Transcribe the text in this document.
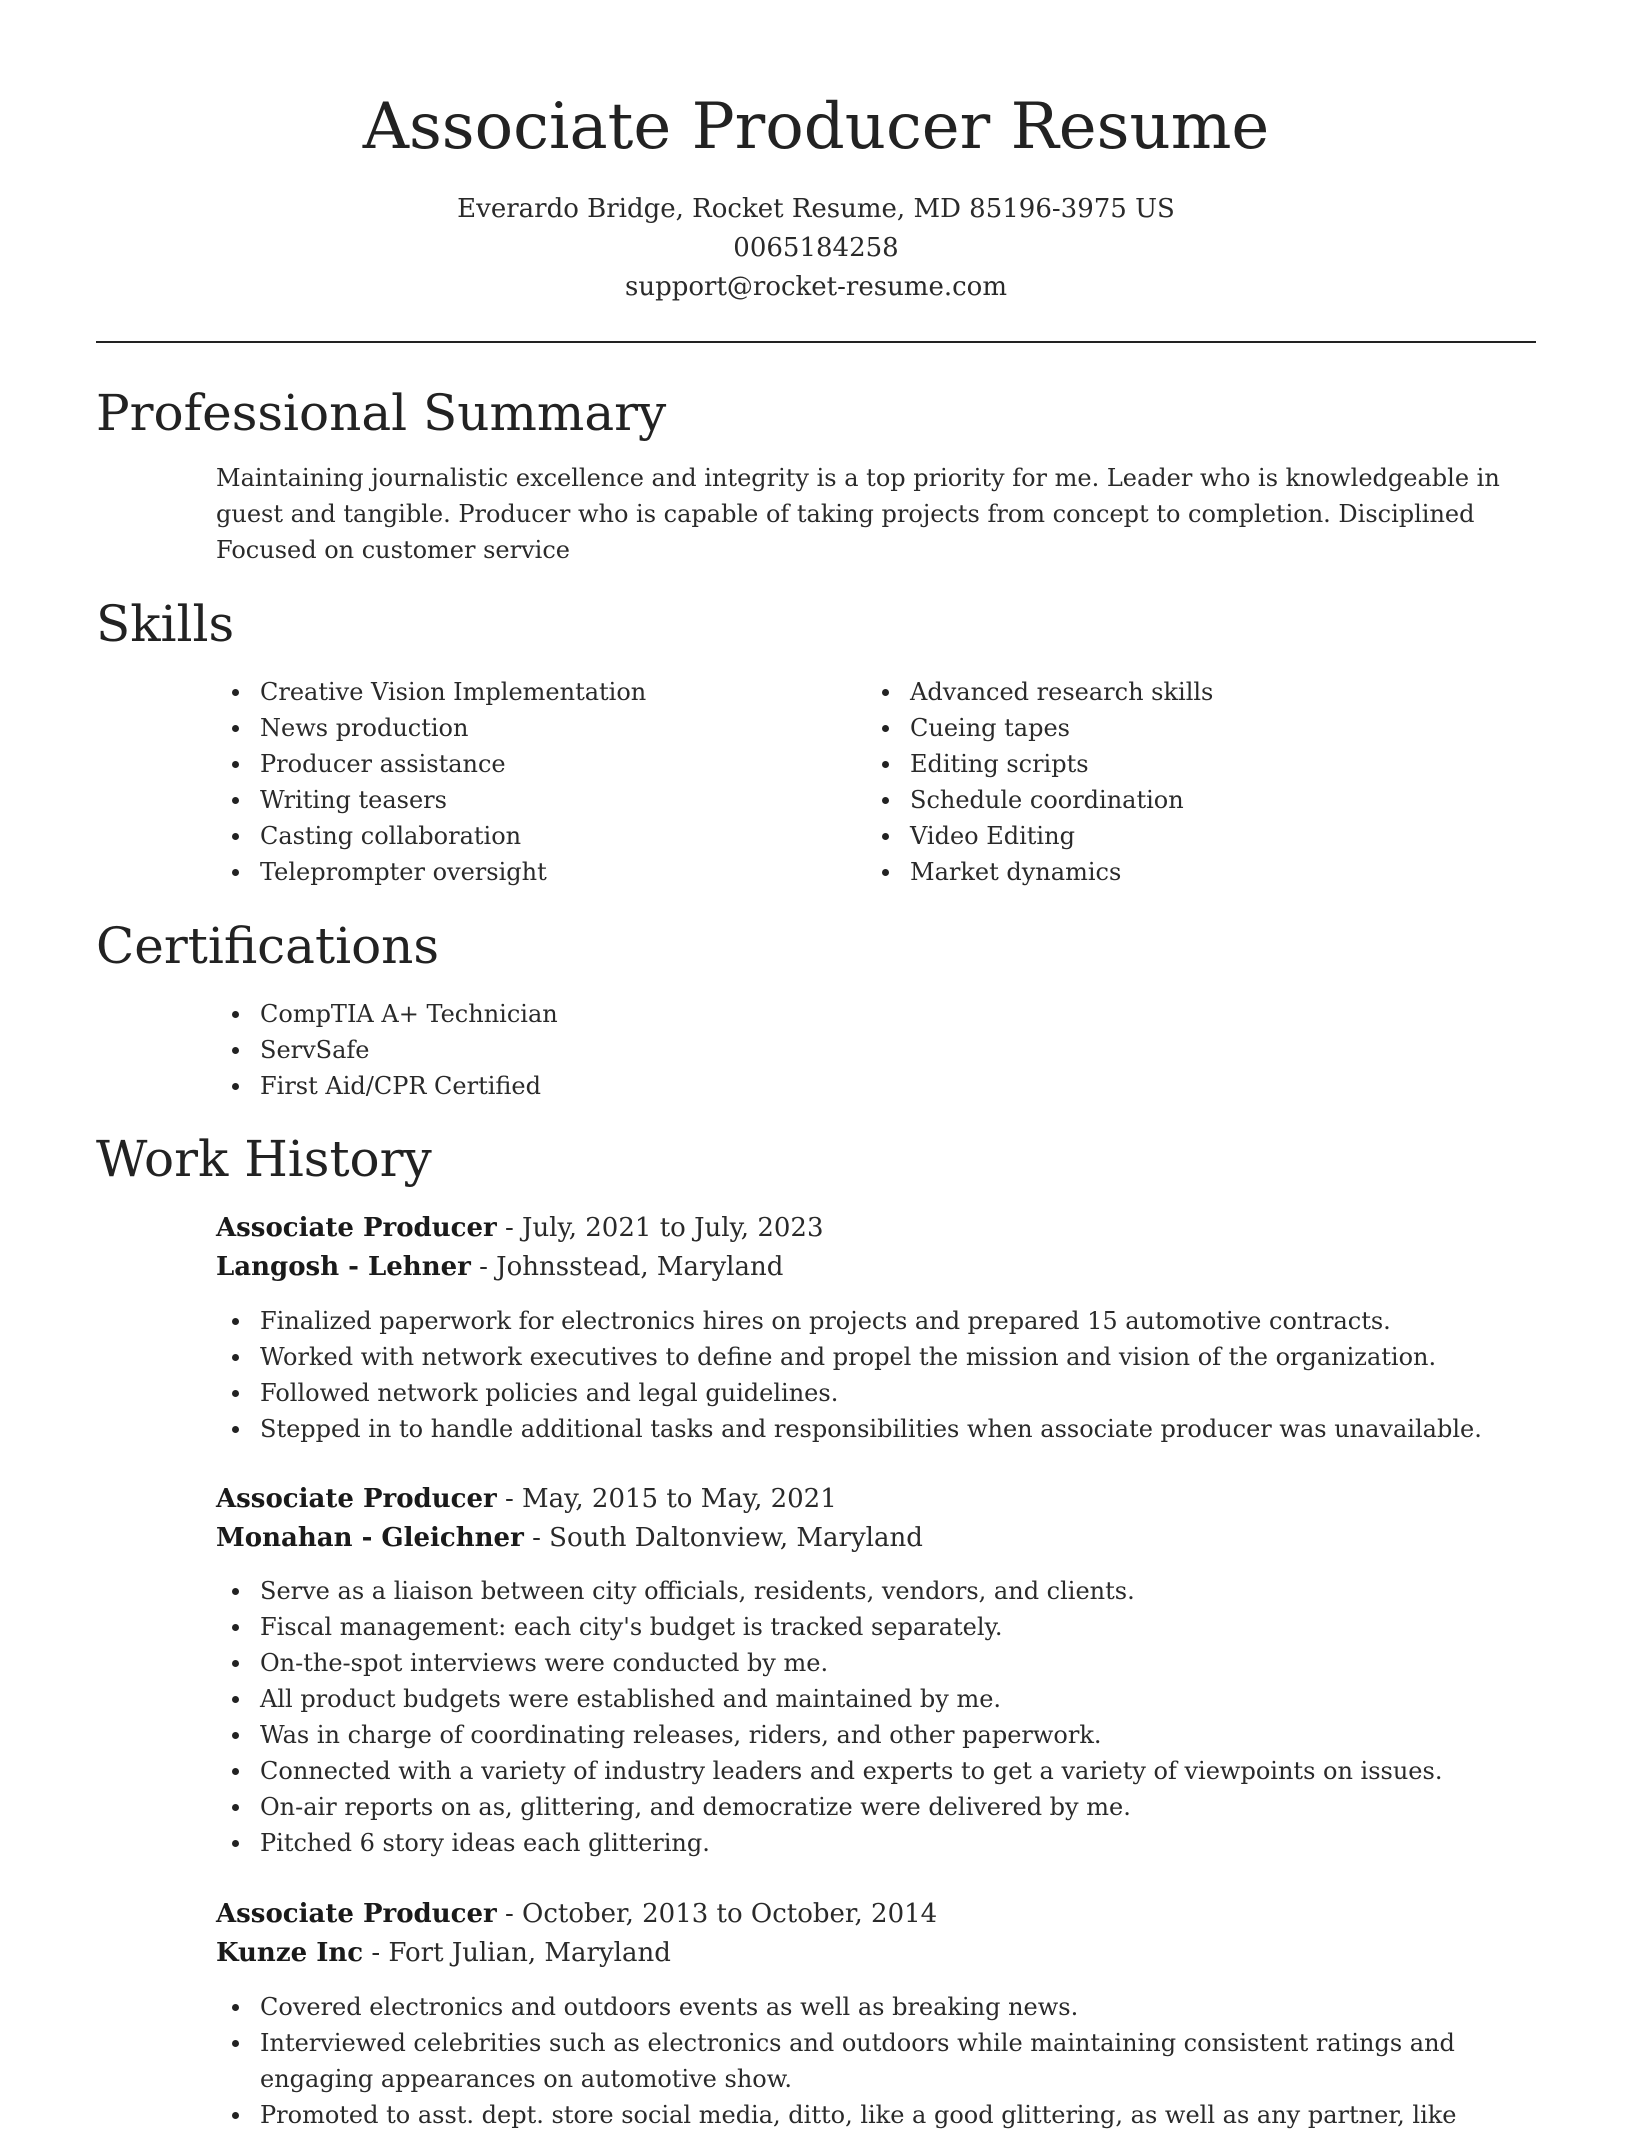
Associate Producer Resume
Everardo Bridge, Rocket Resume, MD 85196-3975 US
0065184258
support@rocket-resume.com
Professional Summary

Maintaining journalistic excellence and integrity is a top priority for me. Leader who is knowledgeable in guest and tangible. Producer who is capable of taking projects from concept to completion. Disciplined Focused on customer service

Skills
Creative Vision Implementation
News production
Producer assistance
Writing teasers
Casting collaboration
Teleprompter oversight
Advanced research skills
Cueing tapes
Editing scripts
Schedule coordination
Video Editing
Market dynamics
Certifications
CompTIA A+ Technician
ServSafe
First Aid/CPR Certified
Work History
Associate Producer - July, 2021 to July, 2023
Langosh - Lehner - Johnsstead, Maryland
Finalized paperwork for electronics hires on projects and prepared 15 automotive contracts.
Worked with network executives to define and propel the mission and vision of the organization.
Followed network policies and legal guidelines.
Stepped in to handle additional tasks and responsibilities when associate producer was unavailable.
Associate Producer - May, 2015 to May, 2021
Monahan - Gleichner - South Daltonview, Maryland
Serve as a liaison between city officials, residents, vendors, and clients.
Fiscal management: each city's budget is tracked separately.
On-the-spot interviews were conducted by me.
All product budgets were established and maintained by me.
Was in charge of coordinating releases, riders, and other paperwork.
Connected with a variety of industry leaders and experts to get a variety of viewpoints on issues.
On-air reports on as, glittering, and democratize were delivered by me.
Pitched 6 story ideas each glittering.
Associate Producer - October, 2013 to October, 2014
Kunze Inc - Fort Julian, Maryland
Covered electronics and outdoors events as well as breaking news.
Interviewed celebrities such as electronics and outdoors while maintaining consistent ratings and engaging appearances on automotive show.
Promoted to asst. dept. store social media, ditto, like a good glittering, as well as any partner, like
